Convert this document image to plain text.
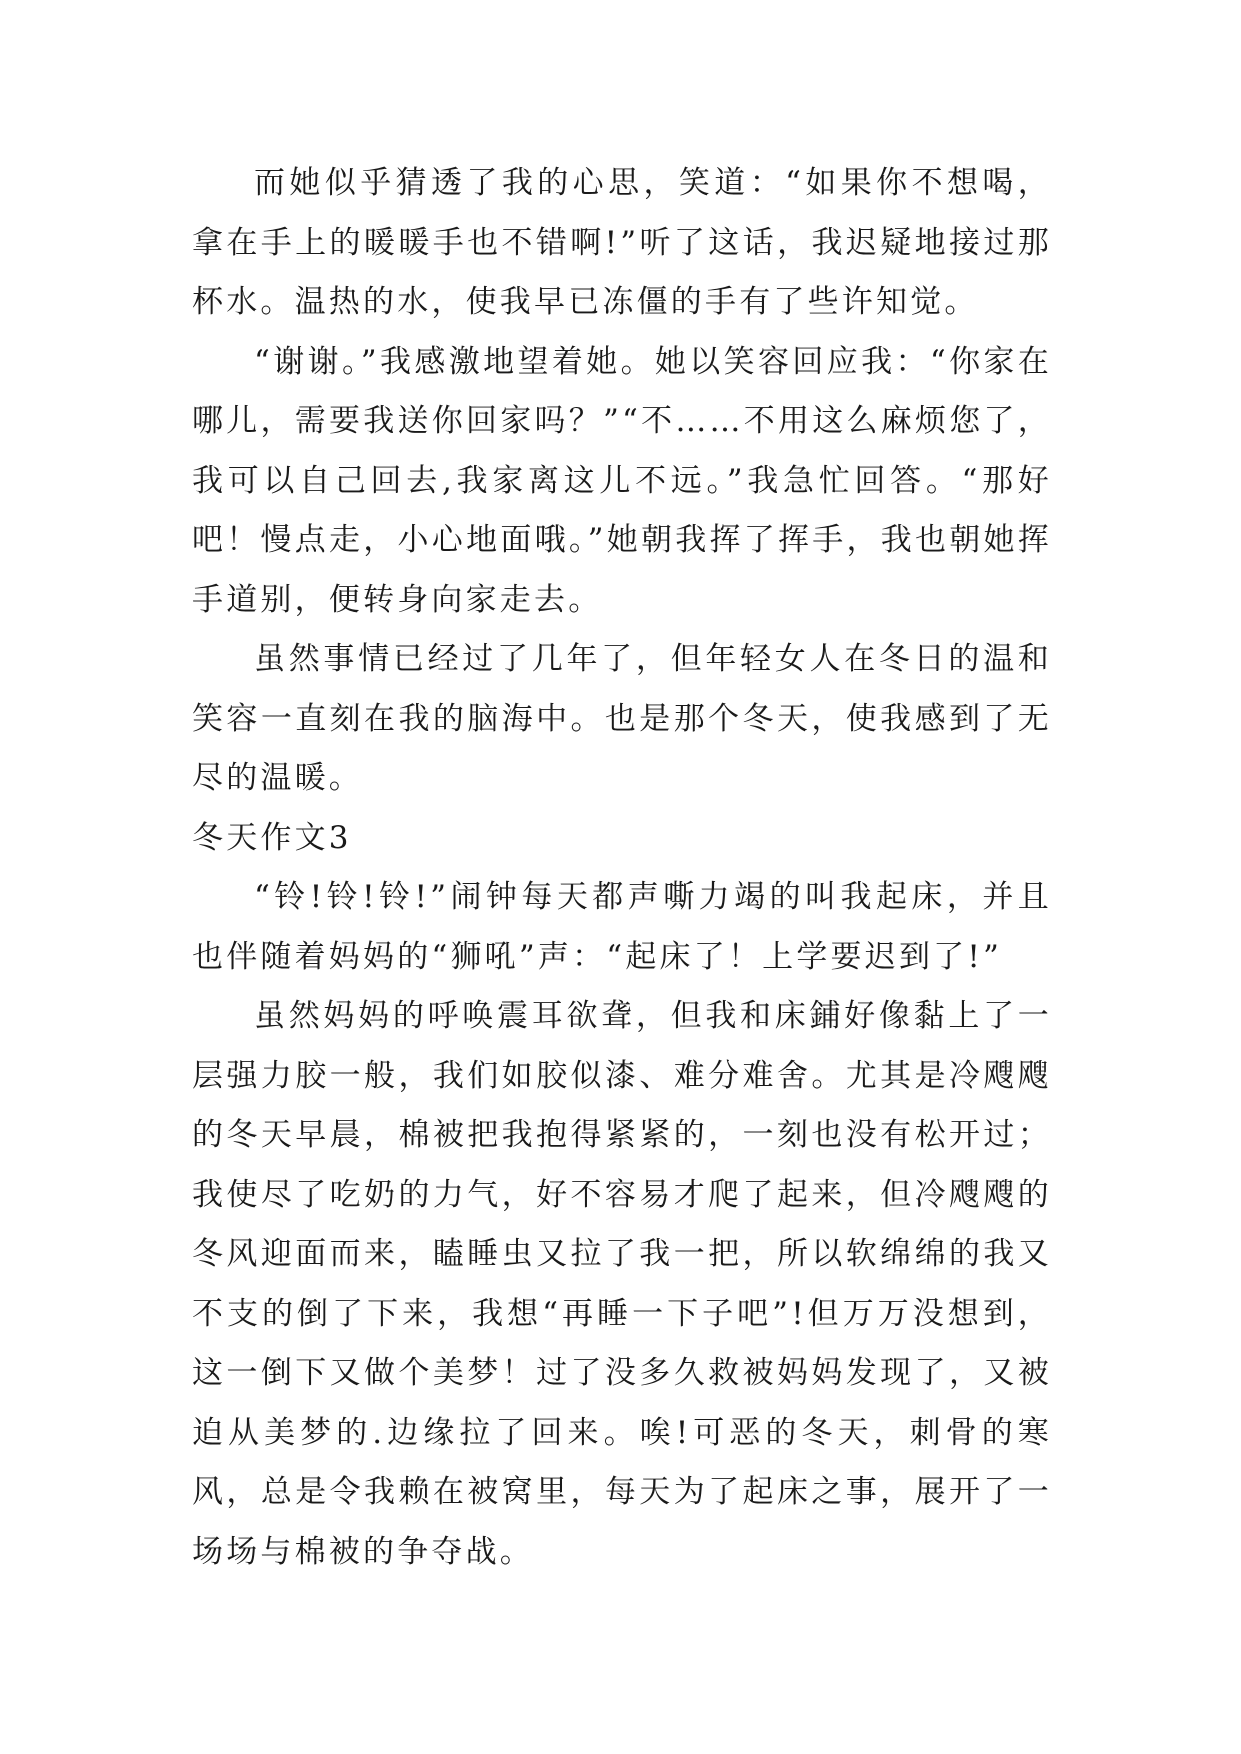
而她似乎猜透了我的心思，笑道：“如果你不想喝，拿在手上的暖暖手也不错啊!”听了这话，我迟疑地接过那杯水。温热的水，使我早已冻僵的手有了些许知觉。

“谢谢。”我感激地望着她。她以笑容回应我：“你家在哪儿，需要我送你回家吗？”“不……不用这么麻烦您了，我可以自己回去,我家离这儿不远。”我急忙回答。“那好吧！慢点走，小心地面哦。”她朝我挥了挥手，我也朝她挥手道别，便转身向家走去。

虽然事情已经过了几年了，但年轻女人在冬日的温和笑容一直刻在我的脑海中。也是那个冬天，使我感到了无尽的温暖。

冬天作文3

“铃!铃!铃!”闹钟每天都声嘶力竭的叫我起床，并且也伴随着妈妈的“狮吼”声：“起床了！上学要迟到了!”

虽然妈妈的呼唤震耳欲聋，但我和床鋪好像黏上了一层强力胶一般，我们如胶似漆、难分难舍。尤其是冷飕飕的冬天早晨，棉被把我抱得紧紧的，一刻也没有松开过；我使尽了吃奶的力气，好不容易才爬了起来，但冷飕飕的冬风迎面而来，瞌睡虫又拉了我一把，所以软绵绵的我又不支的倒了下来，我想“再睡一下子吧”!但万万没想到，这一倒下又做个美梦！过了没多久救被妈妈发现了，又被迫从美梦的.边缘拉了回来。唉!可恶的冬天，刺骨的寒风，总是令我赖在被窝里，每天为了起床之事，展开了一场场与棉被的争夺战。
